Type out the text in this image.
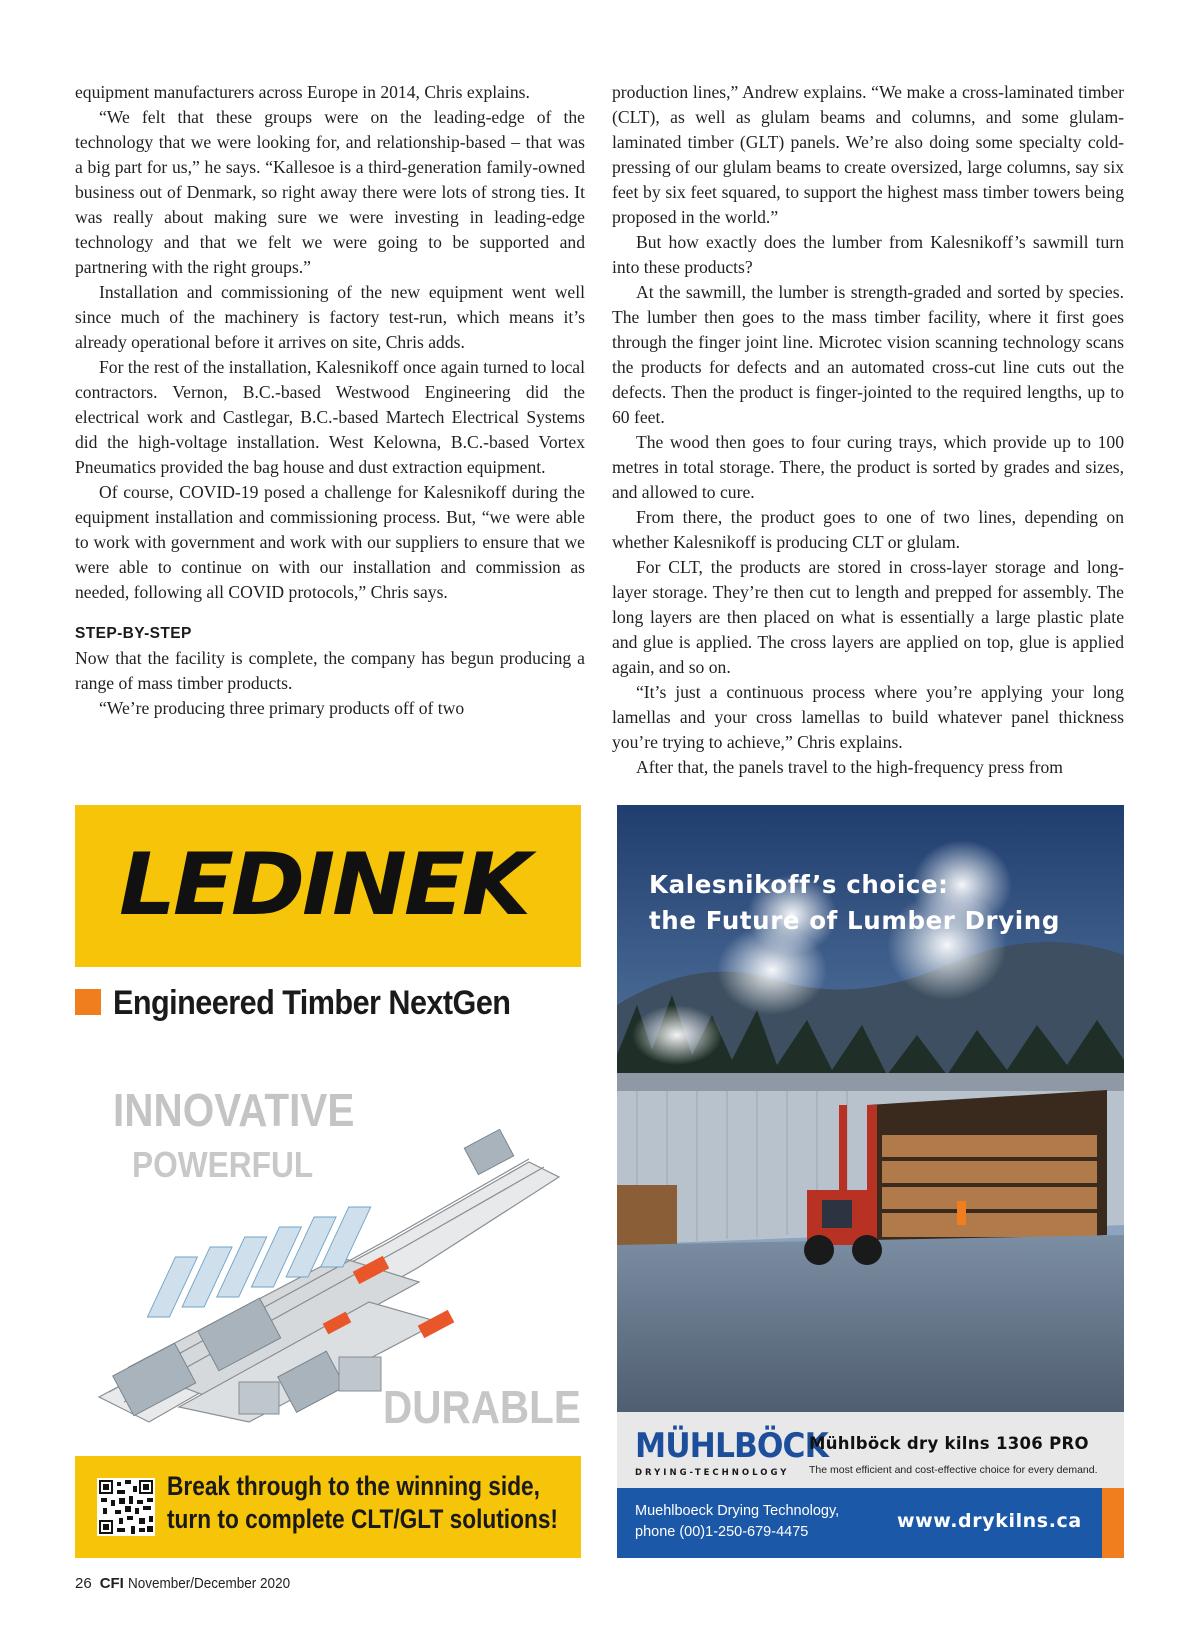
equipment manufacturers across Europe in 2014, Chris explains.

“We felt that these groups were on the leading-edge of the technology that we were looking for, and relationship-based – that was a big part for us,” he says. “Kallesoe is a third-generation family-owned business out of Denmark, so right away there were lots of strong ties. It was really about making sure we were investing in leading-edge technology and that we felt we were going to be supported and partnering with the right groups.”

Installation and commissioning of the new equipment went well since much of the machinery is factory test-run, which means it’s already operational before it arrives on site, Chris adds.

For the rest of the installation, Kalesnikoff once again turned to local contractors. Vernon, B.C.-based Westwood Engineering did the electrical work and Castlegar, B.C.-based Martech Electrical Systems did the high-voltage installation. West Kelowna, B.C.-based Vortex Pneumatics provided the bag house and dust extraction equipment.

Of course, COVID-19 posed a challenge for Kalesnikoff during the equipment installation and commissioning process. But, “we were able to work with government and work with our suppliers to ensure that we were able to continue on with our installation and commission as needed, following all COVID protocols,” Chris says.

STEP-BY-STEP

Now that the facility is complete, the company has begun producing a range of mass timber products.

“We’re producing three primary products off of two

production lines,” Andrew explains. “We make a cross-laminated timber (CLT), as well as glulam beams and columns, and some glulam-laminated timber (GLT) panels. We’re also doing some specialty cold-pressing of our glulam beams to create oversized, large columns, say six feet by six feet squared, to support the highest mass timber towers being proposed in the world.”

But how exactly does the lumber from Kalesnikoff’s sawmill turn into these products?

At the sawmill, the lumber is strength-graded and sorted by species. The lumber then goes to the mass timber facility, where it first goes through the finger joint line. Microtec vision scanning technology scans the products for defects and an automated cross-cut line cuts out the defects. Then the product is finger-jointed to the required lengths, up to 60 feet.

The wood then goes to four curing trays, which provide up to 100 metres in total storage. There, the product is sorted by grades and sizes, and allowed to cure.

From there, the product goes to one of two lines, depending on whether Kalesnikoff is producing CLT or glulam.

For CLT, the products are stored in cross-layer storage and long-layer storage. They’re then cut to length and prepped for assembly. The long layers are then placed on what is essentially a large plastic plate and glue is applied. The cross layers are applied on top, glue is applied again, and so on.

“It’s just a continuous process where you’re applying your long lamellas and your cross lamellas to build whatever panel thickness you’re trying to achieve,” Chris explains.

After that, the panels travel to the high-frequency press from

LEDINEK
Engineered Timber NextGen
INNOVATIVE
POWERFUL
DURABLE
Break through to the winning side,
turn to complete CLT/GLT solutions!
Kalesnikoff’s choice:
the Future of Lumber Drying
MÜHLBÖCK
DRYING-TECHNOLOGY
Mühlböck dry kilns 1306 PRO
The most efficient and cost-effective choice for every demand.
Muehlboeck Drying Technology,
phone (00)1-250-679-4475	www.drykilns.ca
26 CFI November/December 2020
